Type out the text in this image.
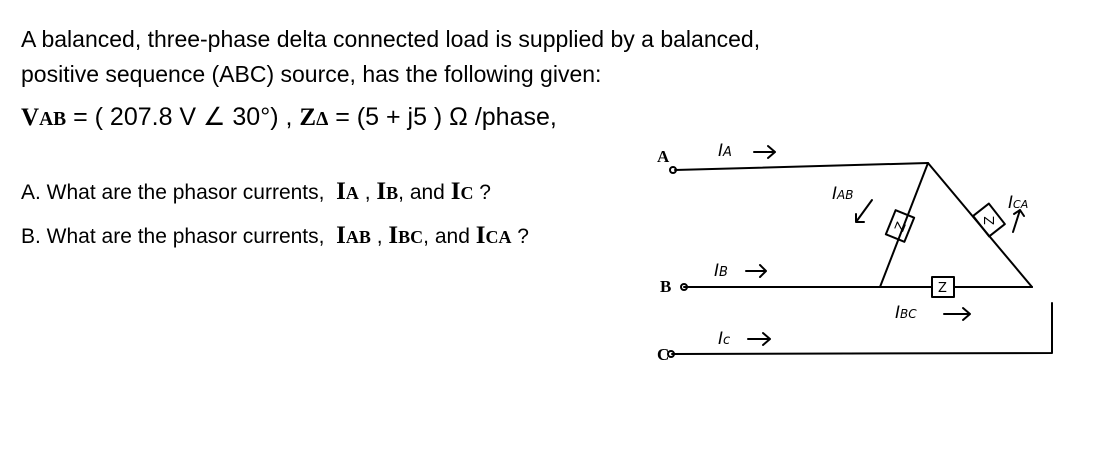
A balanced, three-phase delta connected load is supplied by a balanced,
positive sequence (ABC) source, has the following given:
VAB = ( 207.8 V ∠ 30°) , ZΔ = (5 + j5 ) Ω /phase,
A. What are the phasor currents, IA , IB, and IC ?
B. What are the phasor currents, IAB , IBC, and ICA ?
A
B
C
IA
IB
Ic
IAB
IBC
ICA
Z	Z
Z
